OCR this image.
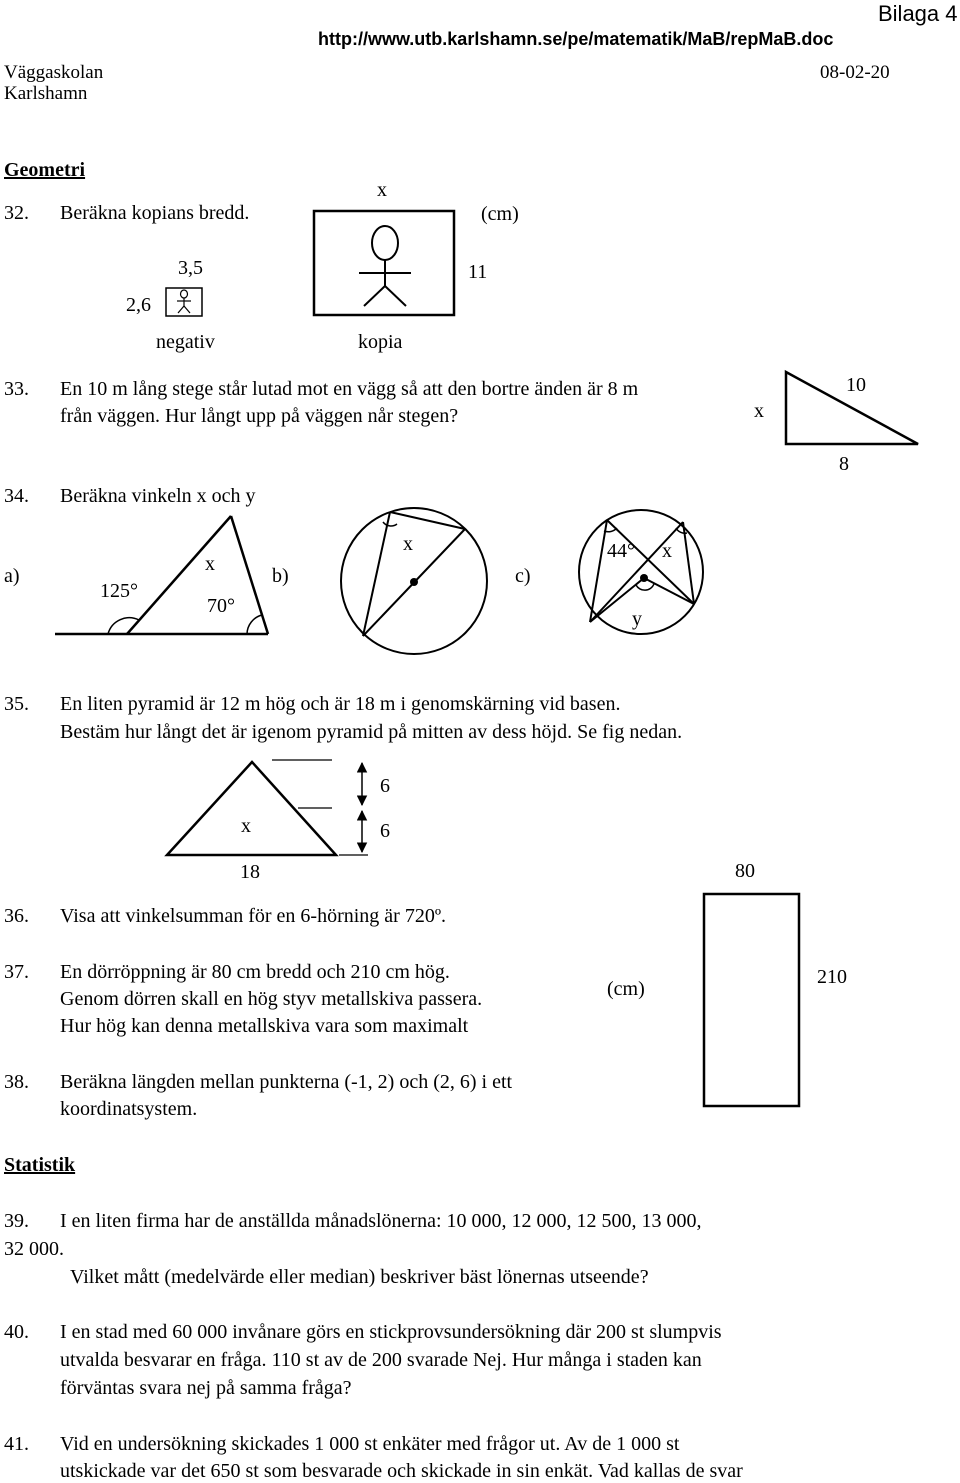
Bilaga 4
http://www.utb.karlshamn.se/pe/matematik/MaB/repMaB.doc
Väggaskolan	08-02-20
Karlshamn
Geometri
32. Beräkna kopians bredd.
33. En 10 m lång stege står lutad mot en vägg så att den bortre änden är 8 m
från väggen. Hur långt upp på väggen når stegen?
34. Beräkna vinkeln x och y
35. En liten pyramid är 12 m hög och är 18 m i genomskärning vid basen.
Bestäm hur långt det är igenom pyramid på mitten av dess höjd. Se fig nedan.
36. Visa att vinkelsumman för en 6-hörning är 720º.
37. En dörröppning är 80 cm bredd och 210 cm hög.
Genom dörren skall en hög styv metallskiva passera.
Hur hög kan denna metallskiva vara som maximalt
38. Beräkna längden mellan punkterna (-1, 2) och (2, 6) i ett
koordinatsystem.
Statistik
39. I en liten firma har de anställda månadslönerna: 10 000, 12 000, 12 500, 13 000,
32 000.
Vilket mått (medelvärde eller median) beskriver bäst lönernas utseende?
40. I en stad med 60 000 invånare görs en stickprovsundersökning där 200 st slumpvis
utvalda besvarar en fråga. 110 st av de 200 svarade Nej. Hur många i staden kan
förväntas svara nej på samma fråga?
41. Vid en undersökning skickades 1 000 st enkäter med frågor ut. Av de 1 000 st
utskickade var det 650 st som besvarade och skickade in sin enkät. Vad kallas de svar
x
(cm)
11
3,5
2,6
negativ	kopia
x
10
8
a)
125°
x
70°
b)
x
c)
44° x
y
x
18
6
6
80
210
(cm)
